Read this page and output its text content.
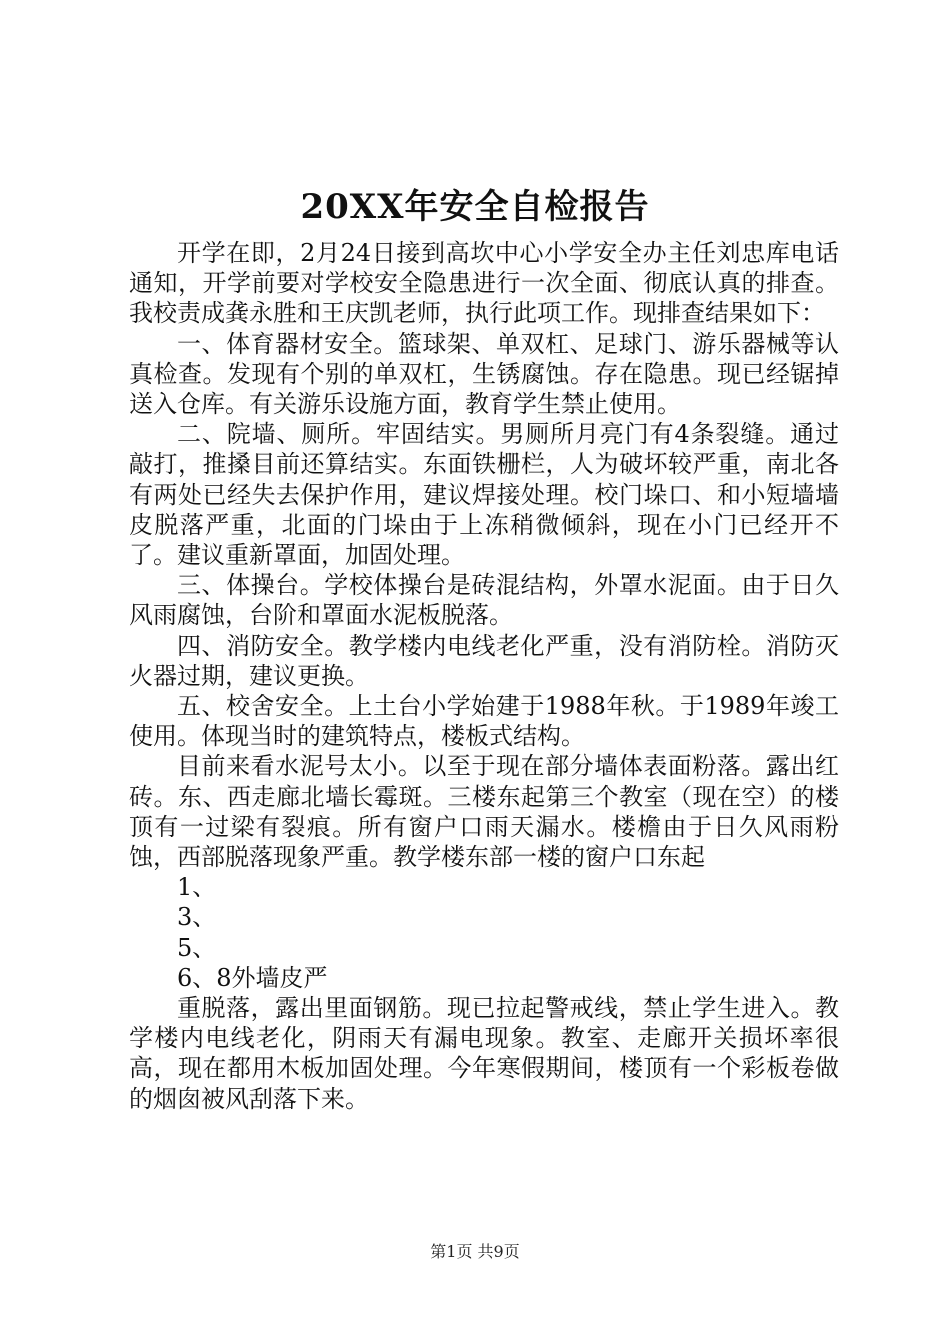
20XX年安全自检报告

开学在即，2月24日接到高坎中心小学安全办主任刘忠库电话通知，开学前要对学校安全隐患进行一次全面、彻底认真的排查。我校责成龚永胜和王庆凯老师，执行此项工作。现排查结果如下：

一、体育器材安全。篮球架、单双杠、足球门、游乐器械等认真检查。发现有个别的单双杠，生锈腐蚀。存在隐患。现已经锯掉送入仓库。有关游乐设施方面，教育学生禁止使用。

二、院墙、厕所。牢固结实。男厕所月亮门有4条裂缝。通过敲打，推搡目前还算结实。东面铁栅栏，人为破坏较严重，南北各有两处已经失去保护作用，建议焊接处理。校门垛口、和小短墙墙皮脱落严重，北面的门垛由于上冻稍微倾斜，现在小门已经开不了。建议重新罩面，加固处理。

三、体操台。学校体操台是砖混结构，外罩水泥面。由于日久风雨腐蚀，台阶和罩面水泥板脱落。

四、消防安全。教学楼内电线老化严重，没有消防栓。消防灭火器过期，建议更换。

五、校舍安全。上土台小学始建于1988年秋。于1989年竣工使用。体现当时的建筑特点，楼板式结构。

目前来看水泥号太小。以至于现在部分墙体表面粉落。露出红砖。东、西走廊北墙长霉斑。三楼东起第三个教室（现在空）的楼顶有一过梁有裂痕。所有窗户口雨天漏水。楼檐由于日久风雨粉蚀，西部脱落现象严重。教学楼东部一楼的窗户口东起

1、

3、

5、

6、8外墙皮严

重脱落，露出里面钢筋。现已拉起警戒线，禁止学生进入。教学楼内电线老化，阴雨天有漏电现象。教室、走廊开关损坏率很高，现在都用木板加固处理。今年寒假期间，楼顶有一个彩板卷做的烟囱被风刮落下来。

第1页 共9页
